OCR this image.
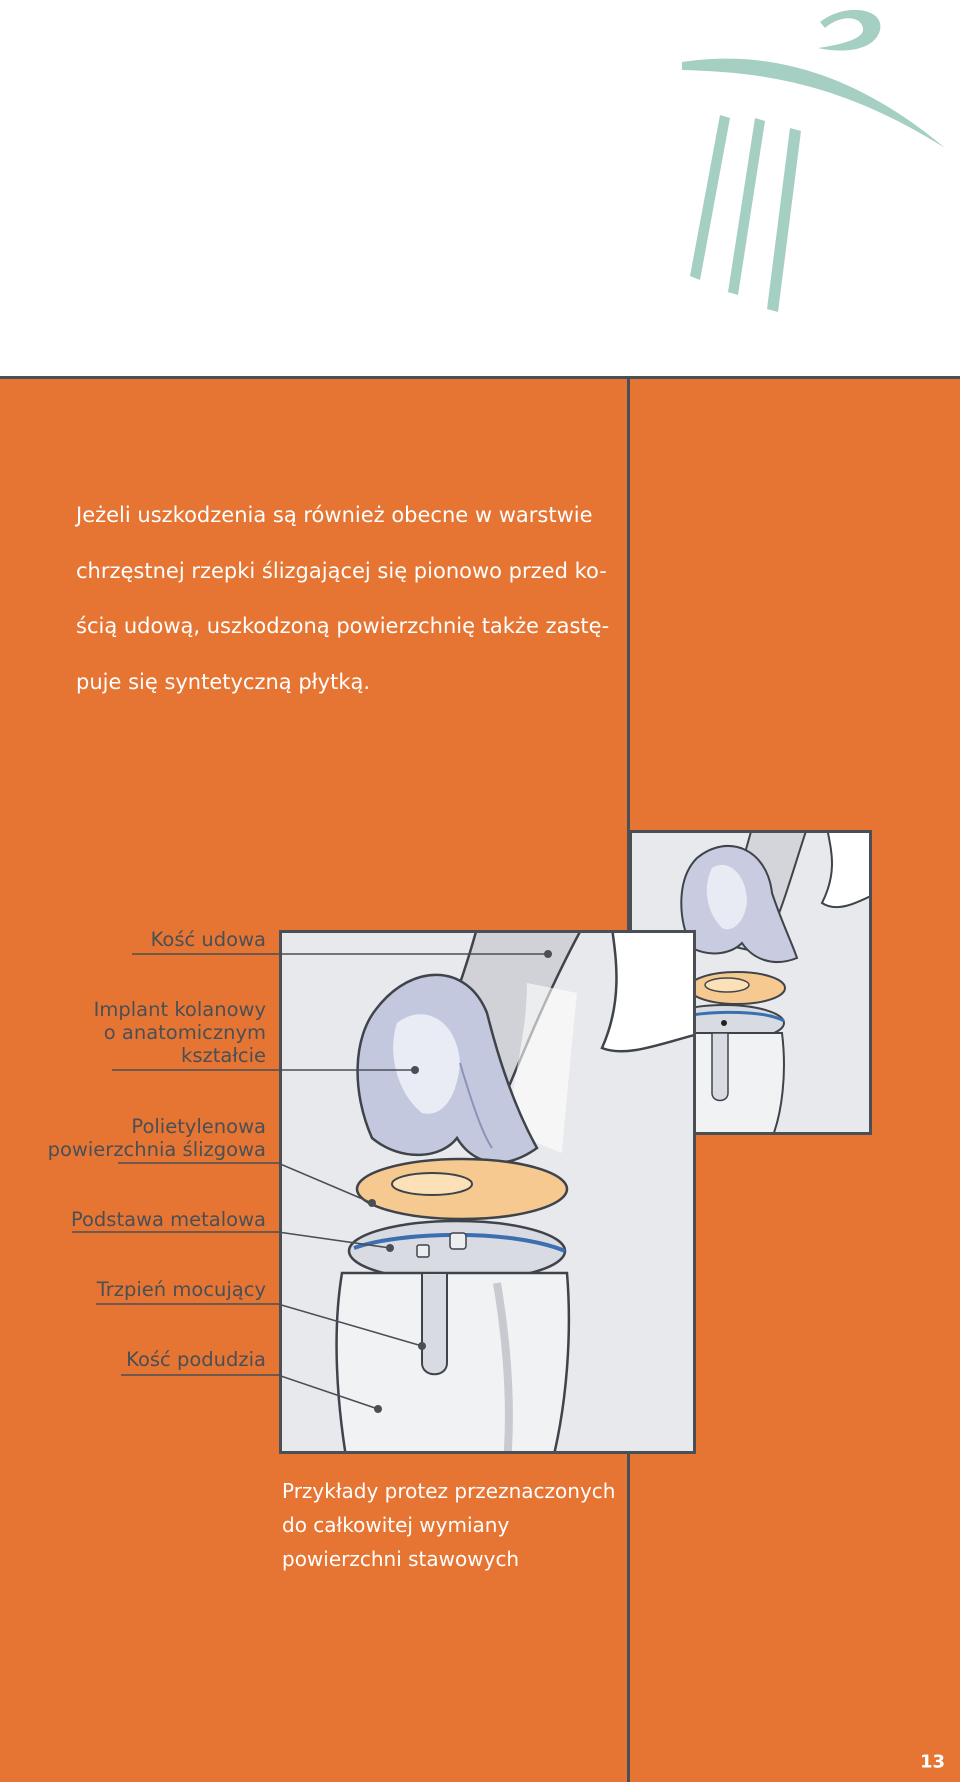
Jeżeli uszkodzenia są również obecne w warstwie
chrzęstnej rzepki ślizgającej się pionowo przed ko-
ścią udową, uszkodzoną powierzchnię także zastę-
puje się syntetyczną płytką.

Kość udowa
Implant kolanowy
o anatomicznym
kształcie
Polietylenowa
powierzchnia ślizgowa
Podstawa metalowa
Trzpień mocujący
Kość podudzia
Przykłady protez przeznaczonych
do całkowitej wymiany
powierzchni stawowych
13
